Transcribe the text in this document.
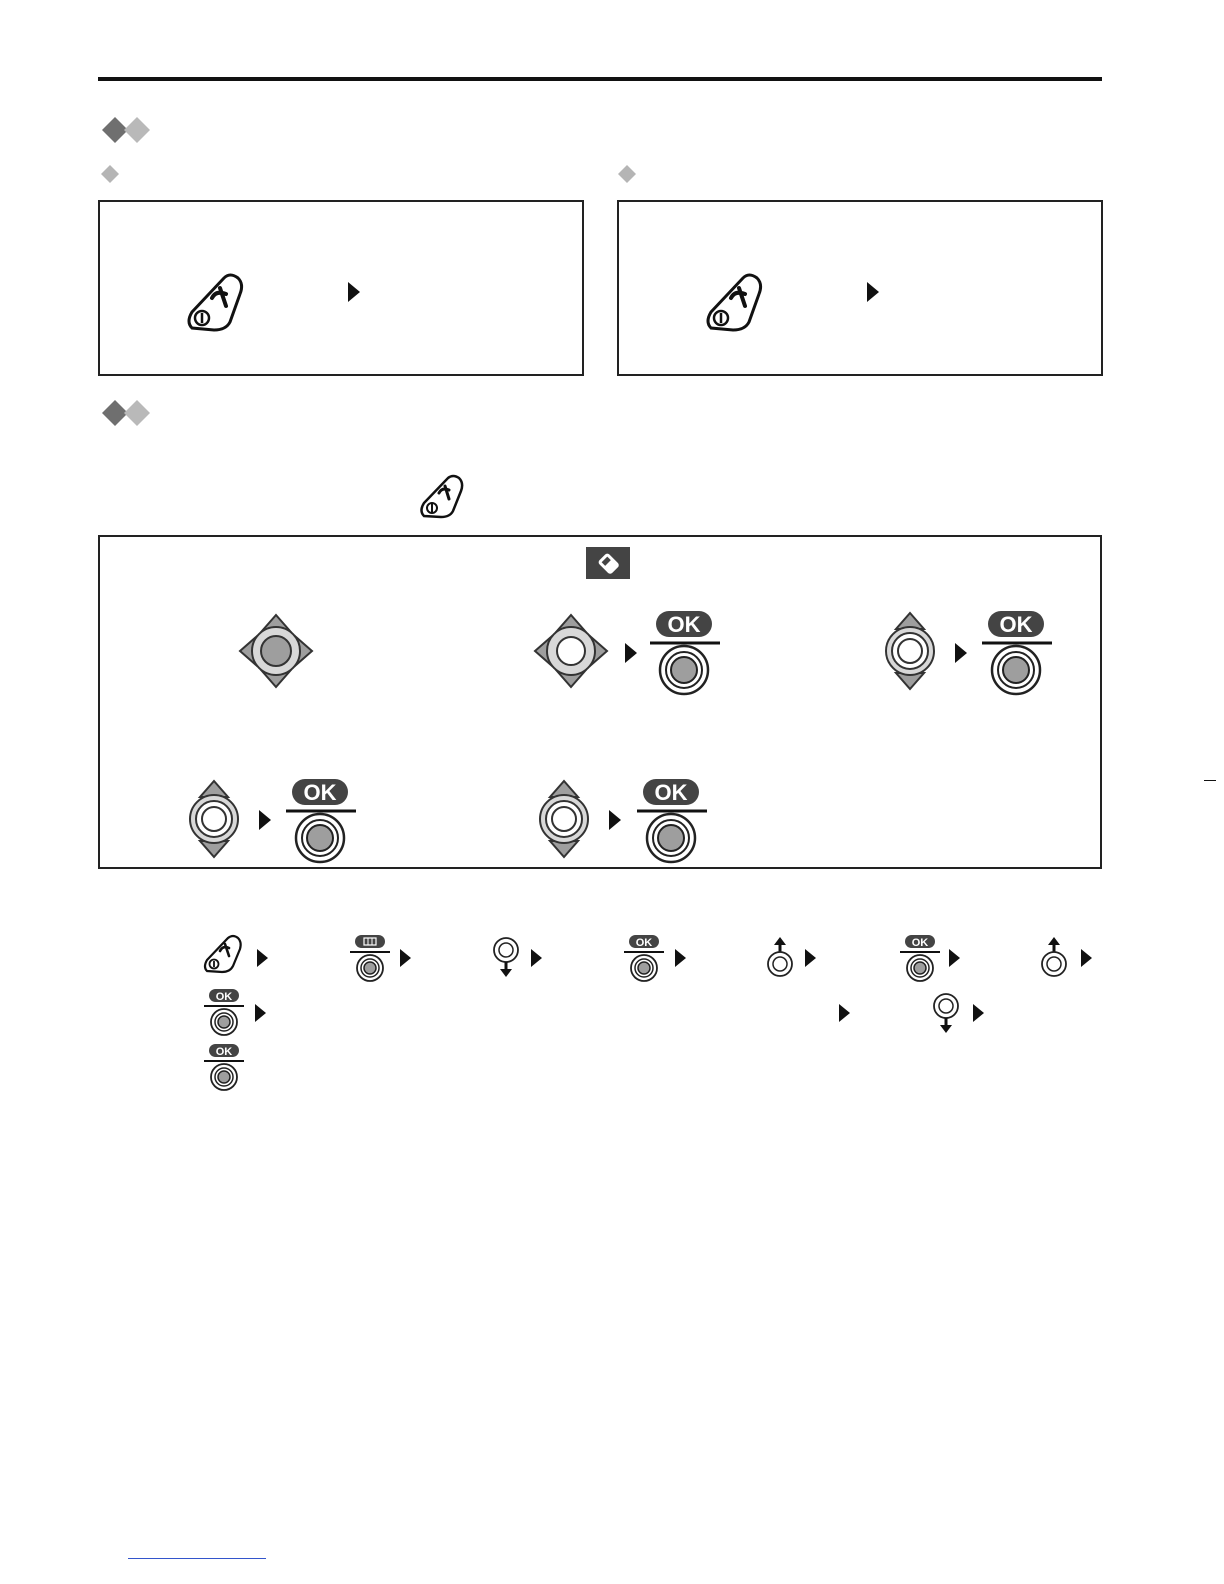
OK	OK
OK	OK
OK	OK
OK
OK
